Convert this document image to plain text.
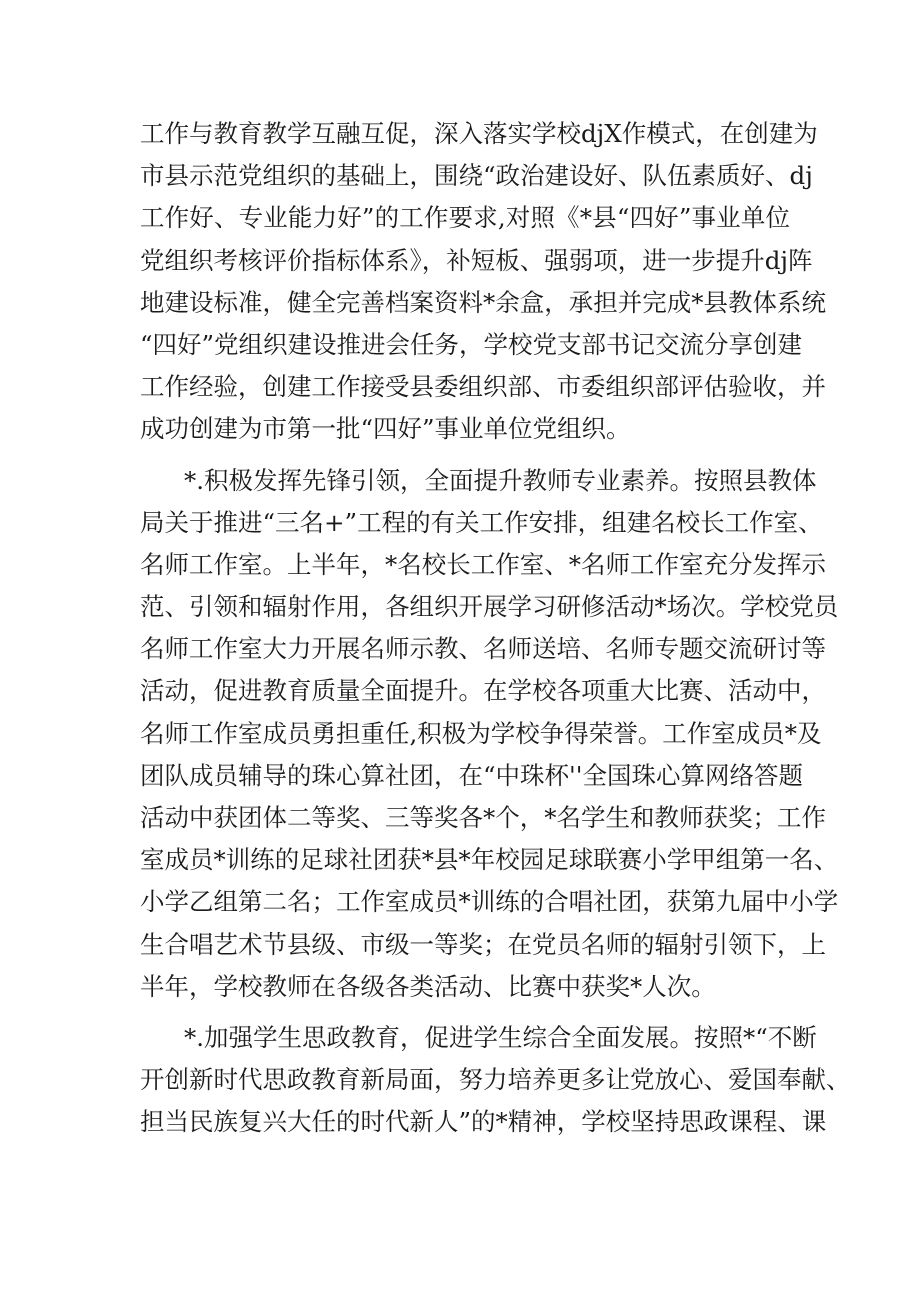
工作与教育教学互融互促，深入落实学校djX作模式，在创建为
市县示范党组织的基础上，围绕“政治建设好、队伍素质好、dj
工作好、专业能力好”的工作要求,对照《*县“四好”事业单位
党组织考核评价指标体系》，补短板、强弱项，进一步提升dj阵
地建设标准，健全完善档案资料*余盒，承担并完成*县教体系统
“四好”党组织建设推进会任务，学校党支部书记交流分享创建
工作经验，创建工作接受县委组织部、市委组织部评估验收，并
成功创建为市第一批“四好”事业单位党组织。
*.积极发挥先锋引领，全面提升教师专业素养。按照县教体
局关于推进“三名+”工程的有关工作安排，组建名校长工作室、
名师工作室。上半年，*名校长工作室、*名师工作室充分发挥示
范、引领和辐射作用，各组织开展学习研修活动*场次。学校党员
名师工作室大力开展名师示教、名师送培、名师专题交流研讨等
活动，促进教育质量全面提升。在学校各项重大比赛、活动中，
名师工作室成员勇担重任,积极为学校争得荣誉。工作室成员*及
团队成员辅导的珠心算社团，在“中珠杯''全国珠心算网络答题
活动中获团体二等奖、三等奖各*个，*名学生和教师获奖；工作
室成员*训练的足球社团获*县*年校园足球联赛小学甲组第一名、
小学乙组第二名；工作室成员*训练的合唱社团，获第九届中小学
生合唱艺术节县级、市级一等奖；在党员名师的辐射引领下，上
半年，学校教师在各级各类活动、比赛中获奖*人次。
*.加强学生思政教育，促进学生综合全面发展。按照*“不断
开创新时代思政教育新局面，努力培养更多让党放心、爱国奉献、
担当民族复兴大任的时代新人”的*精神，学校坚持思政课程、课
